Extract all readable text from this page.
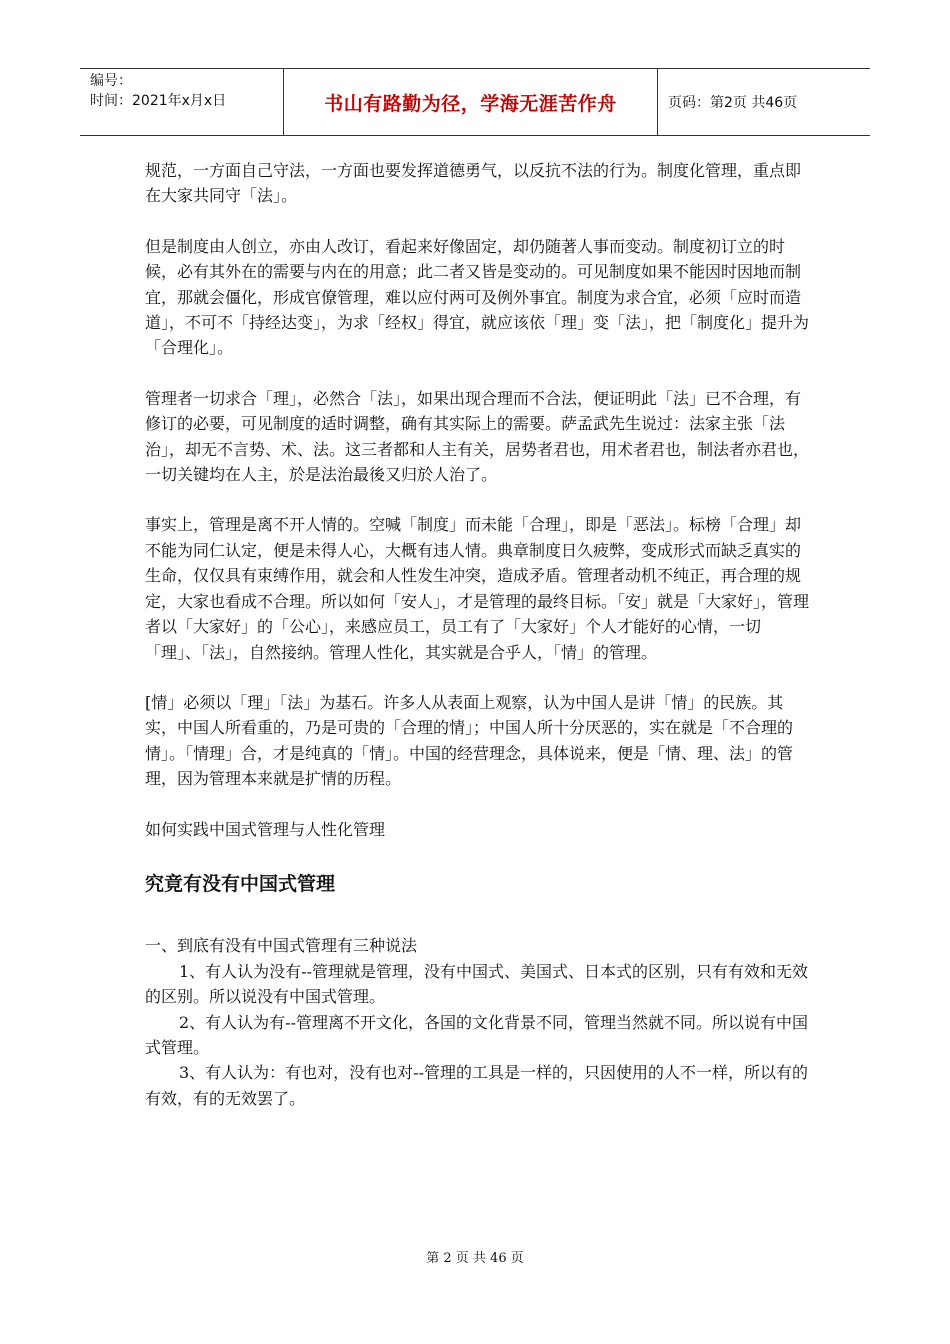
编号：
时间：2021年x月x日	书山有路勤为径，学海无涯苦作舟	页码：第2页 共46页

规范，一方面自己守法，一方面也要发挥道德勇气，以反抗不法的行为。制度化管理，重点即在大家共同守「法」。

但是制度由人创立，亦由人改订，看起来好像固定，却仍随著人事而变动。制度初订立的时候，必有其外在的需要与内在的用意；此二者又皆是变动的。可见制度如果不能因时因地而制宜，那就会僵化，形成官僚管理，难以应付两可及例外事宜。制度为求合宜，必须「应时而造道」，不可不「持经达变」，为求「经权」得宜，就应该依「理」变「法」，把「制度化」提升为「合理化」。

管理者一切求合「理」，必然合「法」，如果出现合理而不合法，便证明此「法」已不合理，有修订的必要，可见制度的适时调整，确有其实际上的需要。萨孟武先生说过：法家主张「法治」，却无不言势、术、法。这三者都和人主有关，居势者君也，用术者君也，制法者亦君也，一切关键均在人主，於是法治最後又归於人治了。

事实上，管理是离不开人情的。空喊「制度」而未能「合理」，即是「恶法」。标榜「合理」却不能为同仁认定，便是未得人心，大概有违人情。典章制度日久疲弊，变成形式而缺乏真实的生命，仅仅具有束缚作用，就会和人性发生冲突，造成矛盾。管理者动机不纯正，再合理的规定，大家也看成不合理。所以如何「安人」，才是管理的最终目标。「安」就是「大家好」，管理者以「大家好」的「公心」，来感应员工，员工有了「大家好」个人才能好的心情，一切「理」、「法」，自然接纳。管理人性化，其实就是合乎人，「情」的管理。

[情」必须以「理」「法」为基石。许多人从表面上观察，认为中国人是讲「情」的民族。其实，中国人所看重的，乃是可贵的「合理的情」；中国人所十分厌恶的，实在就是「不合理的情」。「情理」合，才是纯真的「情」。中国的经营理念，具体说来，便是「情、理、法」的管理，因为管理本来就是扩情的历程。

如何实践中国式管理与人性化管理

究竟有没有中国式管理

一、到底有没有中国式管理有三种说法

1、有人认为没有--管理就是管理，没有中国式、美国式、日本式的区别，只有有效和无效的区别。所以说没有中国式管理。

2、有人认为有--管理离不开文化，各国的文化背景不同，管理当然就不同。所以说有中国式管理。

3、有人认为：有也对，没有也对--管理的工具是一样的，只因使用的人不一样，所以有的有效，有的无效罢了。

第 2 页 共 46 页
